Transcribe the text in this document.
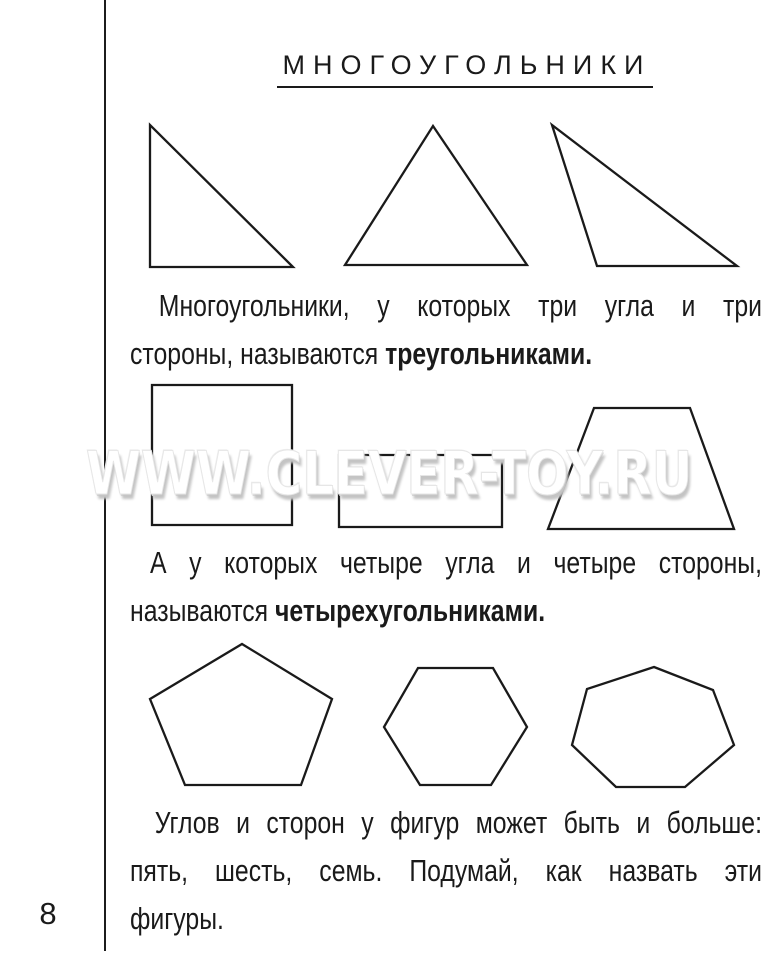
МНОГОУГОЛЬНИКИ
WWW.CLEVER-TOY.RU
Многоугольники, у которых три угла и три
стороны, называются треугольниками.
А у которых четыре угла и четыре стороны,
называются четырехугольниками.
Углов и сторон у фигур может быть и больше:
пять, шесть, семь. Подумай, как назвать эти
фигуры.
8
